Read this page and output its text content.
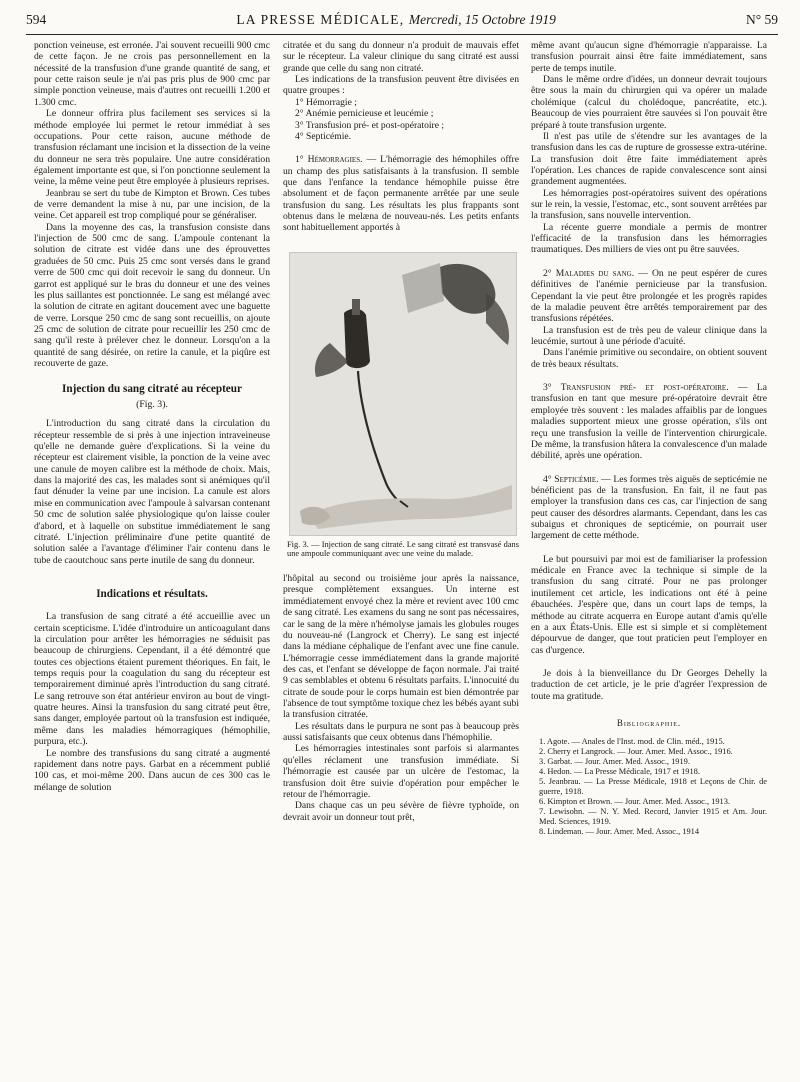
594	LA PRESSE MÉDICALE, Mercredi, 15 Octobre 1919	N° 59

ponction veineuse, est erronée. J'ai souvent recueilli 900 cmc de cette façon. Je ne crois pas personnellement en la nécessité de la transfusion d'une grande quantité de sang, et pour cette raison seule je n'ai pas pris plus de 900 cmc par simple ponction veineuse, mais d'autres ont recueilli 1.200 et 1.300 cmc.

Le donneur offrira plus facilement ses services si la méthode employée lui permet le retour immédiat à ses occupations. Pour cette raison, aucune méthode de transfusion réclamant une incision et la dissection de la veine du donneur ne sera très populaire. Une autre considération également importante est que, si l'on ponctionne seulement la veine, la même veine peut être employée à plusieurs reprises.

Jeanbrau se sert du tube de Kimpton et Brown. Ces tubes de verre demandent la mise à nu, par une incision, de la veine. Cet appareil est trop compliqué pour se généraliser.

Dans la moyenne des cas, la transfusion consiste dans l'injection de 500 cmc de sang. L'ampoule contenant la solution de citrate est vidée dans une des éprouvettes graduées de 50 cmc. Puis 25 cmc sont versés dans le grand verre de 500 cmc qui doit recevoir le sang du donneur. Un garrot est appliqué sur le bras du donneur et une des veines les plus saillantes est ponctionnée. Le sang est mélangé avec la solution de citrate en agitant doucement avec une baguette de verre. Lorsque 250 cmc de sang sont recueillis, on ajoute 25 cmc de solution de citrate pour recueillir les 250 cmc de sang qu'il reste à prélever chez le donneur. Lorsqu'on a la quantité de sang désirée, on retire la canule, et la piqûre est recouverte de gaze.

Injection du sang citraté au récepteur
(Fig. 3).

L'introduction du sang citraté dans la circulation du récepteur ressemble de si près à une injection intraveineuse qu'elle ne demande guère d'explications. Si la veine du récepteur est clairement visible, la ponction de la veine avec une canule de moyen calibre est la méthode de choix. Mais, dans la majorité des cas, les malades sont si anémiques qu'il faut dénuder la veine par une incision. La canule est alors mise en communication avec l'ampoule à salvarsan contenant 50 cmc de solution salée physiologique qu'on laisse couler d'abord, et à laquelle on substitue immédiatement le sang citraté. L'injection préliminaire d'une petite quantité de solution salée a l'avantage d'éliminer l'air contenu dans le tube de caoutchouc sans perte inutile de sang du donneur.

Indications et résultats.

La transfusion de sang citraté a été accueillie avec un certain scepticisme. L'idée d'introduire un anticoagulant dans la circulation pour arrêter les hémorragies ne séduisit pas beaucoup de chirurgiens. Cependant, il a été démontré que toutes ces objections étaient purement théoriques. En fait, le temps requis pour la coagulation du sang du récepteur est temporairement diminué après l'introduction du sang citraté. Le sang retrouve son état antérieur environ au bout de vingt-quatre heures. Ainsi la transfusion du sang citraté peut être, sans danger, employée partout où la transfusion est indiquée, même dans les maladies hémorragiques (hémophilie, purpura, etc.).

Le nombre des transfusions du sang citraté a augmenté rapidement dans notre pays. Garbat en a récemment publié 100 cas, et moi-même 200. Dans aucun de ces 300 cas le mélange de solution

citratée et du sang du donneur n'a produit de mauvais effet sur le récepteur. La valeur clinique du sang citraté est aussi grande que celle du sang non citraté.

Les indications de la transfusion peuvent être divisées en quatre groupes :

1° Hémorragie ;

2° Anémie pernicieuse et leucémie ;

3° Transfusion pré- et post-opératoire ;

4° Septicémie.

1° Hémorragies. — L'hémorragie des hémophiles offre un champ des plus satisfaisants à la transfusion. Il semble que dans l'enfance la tendance hémophile puisse être absolument et de façon permanente arrêtée par une seule transfusion du sang. Les résultats les plus frappants sont obtenus dans le melæna de nouveau-nés. Les petits enfants sont habituellement apportés à

Fig. 3. — Injection de sang citraté. Le sang citraté est transvasé dans une ampoule communiquant avec une veine du malade.

l'hôpital au second ou troisième jour après la naissance, presque complètement exsangues. Un interne est immédiatement envoyé chez la mère et revient avec 100 cmc de sang citraté. Les examens du sang ne sont pas nécessaires, car le sang de la mère n'hémolyse jamais les globules rouges du nouveau-né (Langrock et Cherry). Le sang est injecté dans la médiane céphalique de l'enfant avec une fine canule. L'hémorragie cesse immédiatement dans la grande majorité des cas, et l'enfant se développe de façon normale. J'ai traité 9 cas semblables et obtenu 6 résultats parfaits. L'innocuité du citrate de soude pour le corps humain est bien démontrée par l'absence de tout symptôme toxique chez les bébés ayant subi la transfusion citratée.

Les résultats dans le purpura ne sont pas à beaucoup près aussi satisfaisants que ceux obtenus dans l'hémophilie.

Les hémorragies intestinales sont parfois si alarmantes qu'elles réclament une transfusion immédiate. Si l'hémorragie est causée par un ulcère de l'estomac, la transfusion doit être suivie d'opération pour empêcher le retour de l'hémorragie.

Dans chaque cas un peu sévère de fièvre typhoïde, on devrait avoir un donneur tout prêt,

même avant qu'aucun signe d'hémorragie n'apparaisse. La transfusion pourrait ainsi être faite immédiatement, sans perte de temps inutile.

Dans le même ordre d'idées, un donneur devrait toujours être sous la main du chirurgien qui va opérer un malade cholémique (calcul du cholédoque, pancréatite, etc.). Beaucoup de vies pourraient être sauvées si l'on pouvait être préparé à toute transfusion urgente.

Il n'est pas utile de s'étendre sur les avantages de la transfusion dans les cas de rupture de grossesse extra-utérine. La transfusion doit être faite immédiatement après l'opération. Les chances de rapide convalescence sont ainsi grandement augmentées.

Les hémorragies post-opératoires suivent des opérations sur le rein, la vessie, l'estomac, etc., sont souvent arrêtées par la transfusion, sans nouvelle intervention.

La récente guerre mondiale a permis de montrer l'efficacité de la transfusion dans les hémorragies traumatiques. Des milliers de vies ont pu être sauvées.

2° Maladies du sang. — On ne peut espérer de cures définitives de l'anémie pernicieuse par la transfusion. Cependant la vie peut être prolongée et les progrès rapides de la maladie peuvent être arrêtés temporairement par des transfusions répétées.

La transfusion est de très peu de valeur clinique dans la leucémie, surtout à une période d'acuité.

Dans l'anémie primitive ou secondaire, on obtient souvent de très beaux résultats.

3° Transfusion pré- et post-opératoire. — La transfusion en tant que mesure pré-opératoire devrait être employée très souvent : les malades affaiblis par de longues maladies supportent mieux une grosse opération, s'ils ont reçu une transfusion la veille de l'intervention chirurgicale. De même, la transfusion hâtera la convalescence d'un malade débilité, après une opération.

4° Septicémie. — Les formes très aiguës de septicémie ne bénéficient pas de la transfusion. En fait, il ne faut pas employer la transfusion dans ces cas, car l'injection de sang peut causer des désordres alarmants. Cependant, dans les cas subaigus et chroniques de septicémie, on pourrait user largement de cette méthode.

Le but poursuivi par moi est de familiariser la profession médicale en France avec la technique si simple de la transfusion du sang citraté. Pour ne pas prolonger inutilement cet article, les indications ont été à peine ébauchées. J'espère que, dans un court laps de temps, la méthode au citrate acquerra en Europe autant d'amis qu'elle en a aux États-Unis. Elle est si simple et si complètement dépourvue de danger, que tout praticien peut l'employer en cas d'urgence.

Je dois à la bienveillance du Dr Georges Dehelly la traduction de cet article, je le prie d'agréer l'expression de toute ma gratitude.

Bibliographie.

1. Agote. — Anales de l'Inst. mod. de Clin. méd., 1915.

2. Cherry et Langrock. — Jour. Amer. Med. Assoc., 1916.

3. Garbat. — Jour. Amer. Med. Assoc., 1919.

4. Hedon. — La Presse Médicale, 1917 et 1918.

5. Jeanbrau. — La Presse Médicale, 1918 et Leçons de Chir. de guerre, 1918.

6. Kimpton et Brown. — Jour. Amer. Med. Assoc., 1913.

7. Lewisohn. — N. Y. Med. Record, Janvier 1915 et Am. Jour. Med. Sciences, 1919.

8. Lindeman. — Jour. Amer. Med. Assoc., 1914
